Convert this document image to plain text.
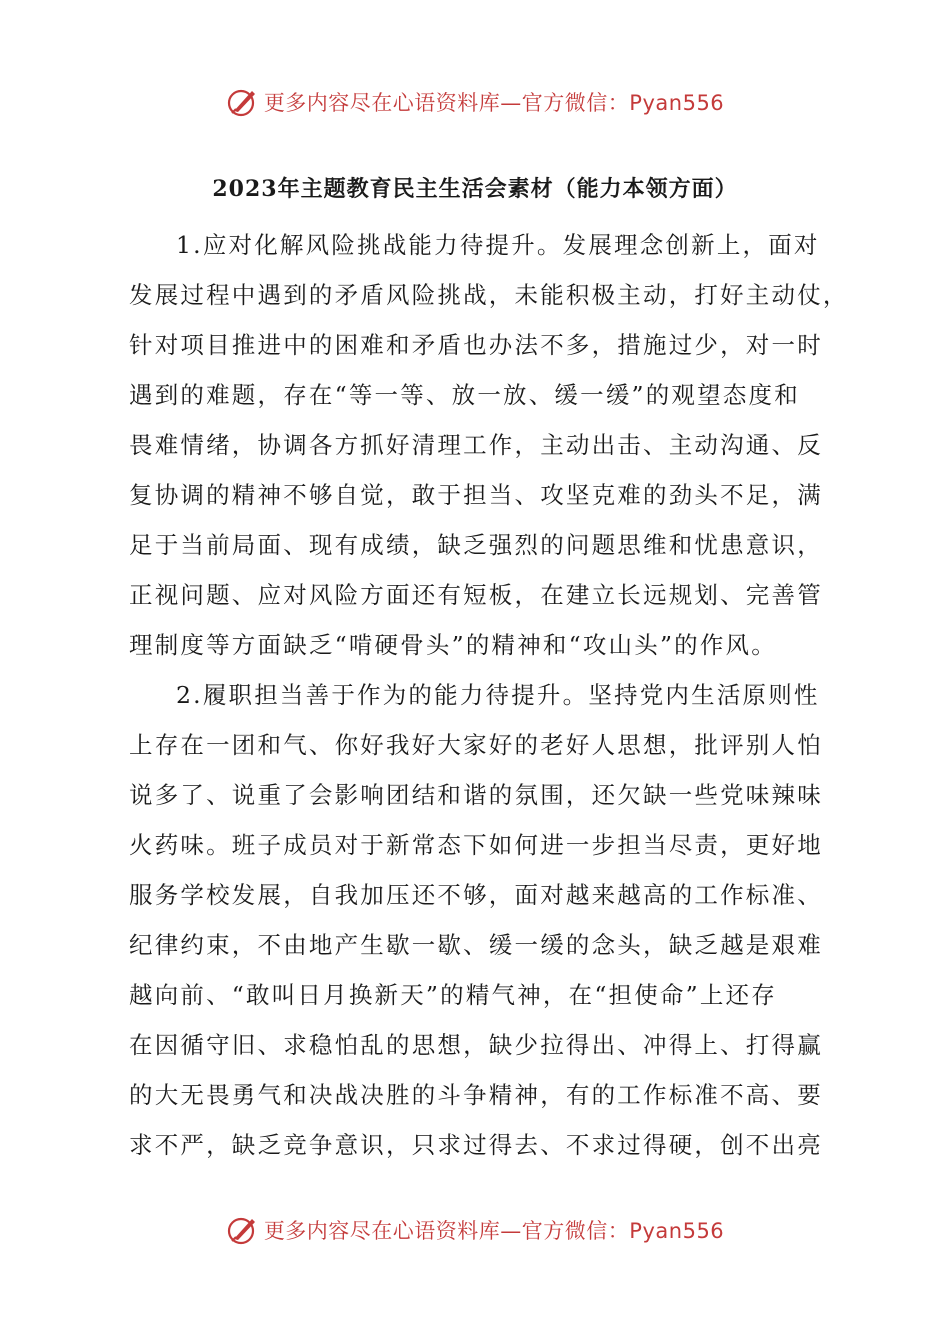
更多内容尽在心语资料库—官方微信：Pyan556
2023年主题教育民主生活会素材（能力本领方面）
1.应对化解风险挑战能力待提升。发展理念创新上，面对
发展过程中遇到的矛盾风险挑战，未能积极主动，打好主动仗，
针对项目推进中的困难和矛盾也办法不多，措施过少，对一时
遇到的难题，存在“等一等、放一放、缓一缓”的观望态度和
畏难情绪，协调各方抓好清理工作，主动出击、主动沟通、反
复协调的精神不够自觉，敢于担当、攻坚克难的劲头不足，满
足于当前局面、现有成绩，缺乏强烈的问题思维和忧患意识，
正视问题、应对风险方面还有短板，在建立长远规划、完善管
理制度等方面缺乏“啃硬骨头”的精神和“攻山头”的作风。
2.履职担当善于作为的能力待提升。坚持党内生活原则性
上存在一团和气、你好我好大家好的老好人思想，批评别人怕
说多了、说重了会影响团结和谐的氛围，还欠缺一些党味辣味
火药味。班子成员对于新常态下如何进一步担当尽责，更好地
服务学校发展，自我加压还不够，面对越来越高的工作标准、
纪律约束，不由地产生歇一歇、缓一缓的念头，缺乏越是艰难
越向前、“敢叫日月换新天”的精气神，在“担使命”上还存
在因循守旧、求稳怕乱的思想，缺少拉得出、冲得上、打得赢
的大无畏勇气和决战决胜的斗争精神，有的工作标准不高、要
求不严，缺乏竞争意识，只求过得去、不求过得硬，创不出亮
更多内容尽在心语资料库—官方微信：Pyan556
